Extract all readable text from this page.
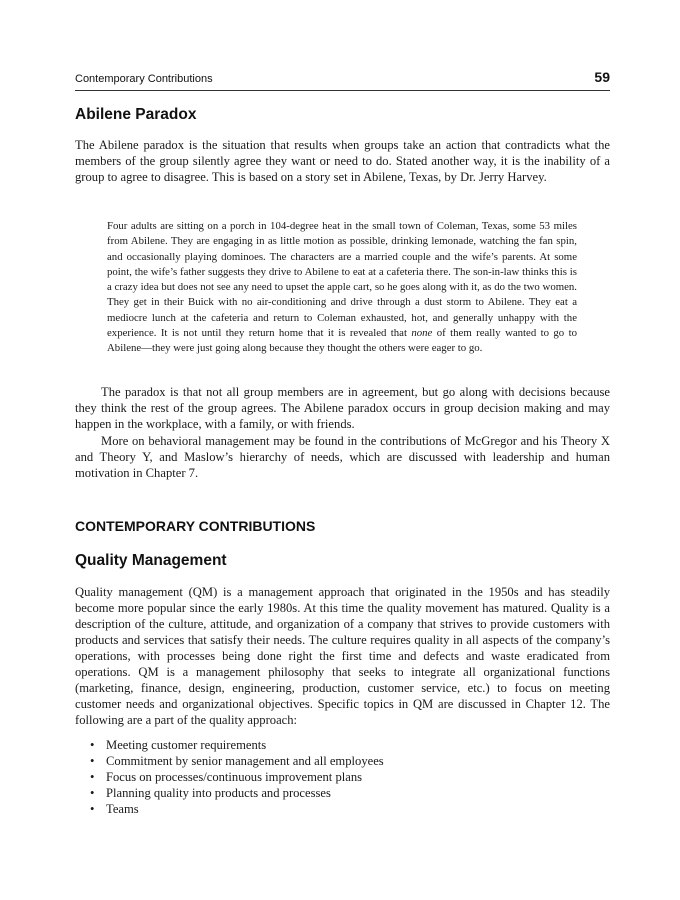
Contemporary Contributions	59
Abilene Paradox

The Abilene paradox is the situation that results when groups take an action that contradicts what the members of the group silently agree they want or need to do. Stated another way, it is the inability of a group to agree to disagree. This is based on a story set in Abilene, Texas, by Dr. Jerry Harvey.

Four adults are sitting on a porch in 104-degree heat in the small town of Coleman, Texas, some 53 miles from Abilene. They are engaging in as little motion as possible, drinking lemonade, watching the fan spin, and occasionally playing dominoes. The characters are a married couple and the wife’s parents. At some point, the wife’s father suggests they drive to Abilene to eat at a cafeteria there. The son-in-law thinks this is a crazy idea but does not see any need to upset the apple cart, so he goes along with it, as do the two women. They get in their Buick with no air-conditioning and drive through a dust storm to Abilene. They eat a mediocre lunch at the cafeteria and return to Coleman exhausted, hot, and generally unhappy with the experience. It is not until they return home that it is revealed that none of them really wanted to go to Abilene—they were just going along because they thought the others were eager to go.

The paradox is that not all group members are in agreement, but go along with decisions because they think the rest of the group agrees. The Abilene paradox occurs in group decision making and may happen in the workplace, with a family, or with friends.

More on behavioral management may be found in the contributions of McGregor and his Theory X and Theory Y, and Maslow’s hierarchy of needs, which are discussed with leadership and human motivation in Chapter 7.

CONTEMPORARY CONTRIBUTIONS
Quality Management

Quality management (QM) is a management approach that originated in the 1950s and has steadily become more popular since the early 1980s. At this time the quality movement has matured. Quality is a description of the culture, attitude, and organization of a company that strives to provide customers with products and services that satisfy their needs. The culture requires quality in all aspects of the company’s operations, with processes being done right the first time and defects and waste eradicated from operations. QM is a management philosophy that seeks to integrate all organizational functions (marketing, finance, design, engineering, production, customer service, etc.) to focus on meeting customer needs and organizational objectives. Specific topics in QM are discussed in Chapter 12. The following are a part of the quality approach:

• Meeting customer requirements
• Commitment by senior management and all employees
• Focus on processes/continuous improvement plans
• Planning quality into products and processes
• Teams
